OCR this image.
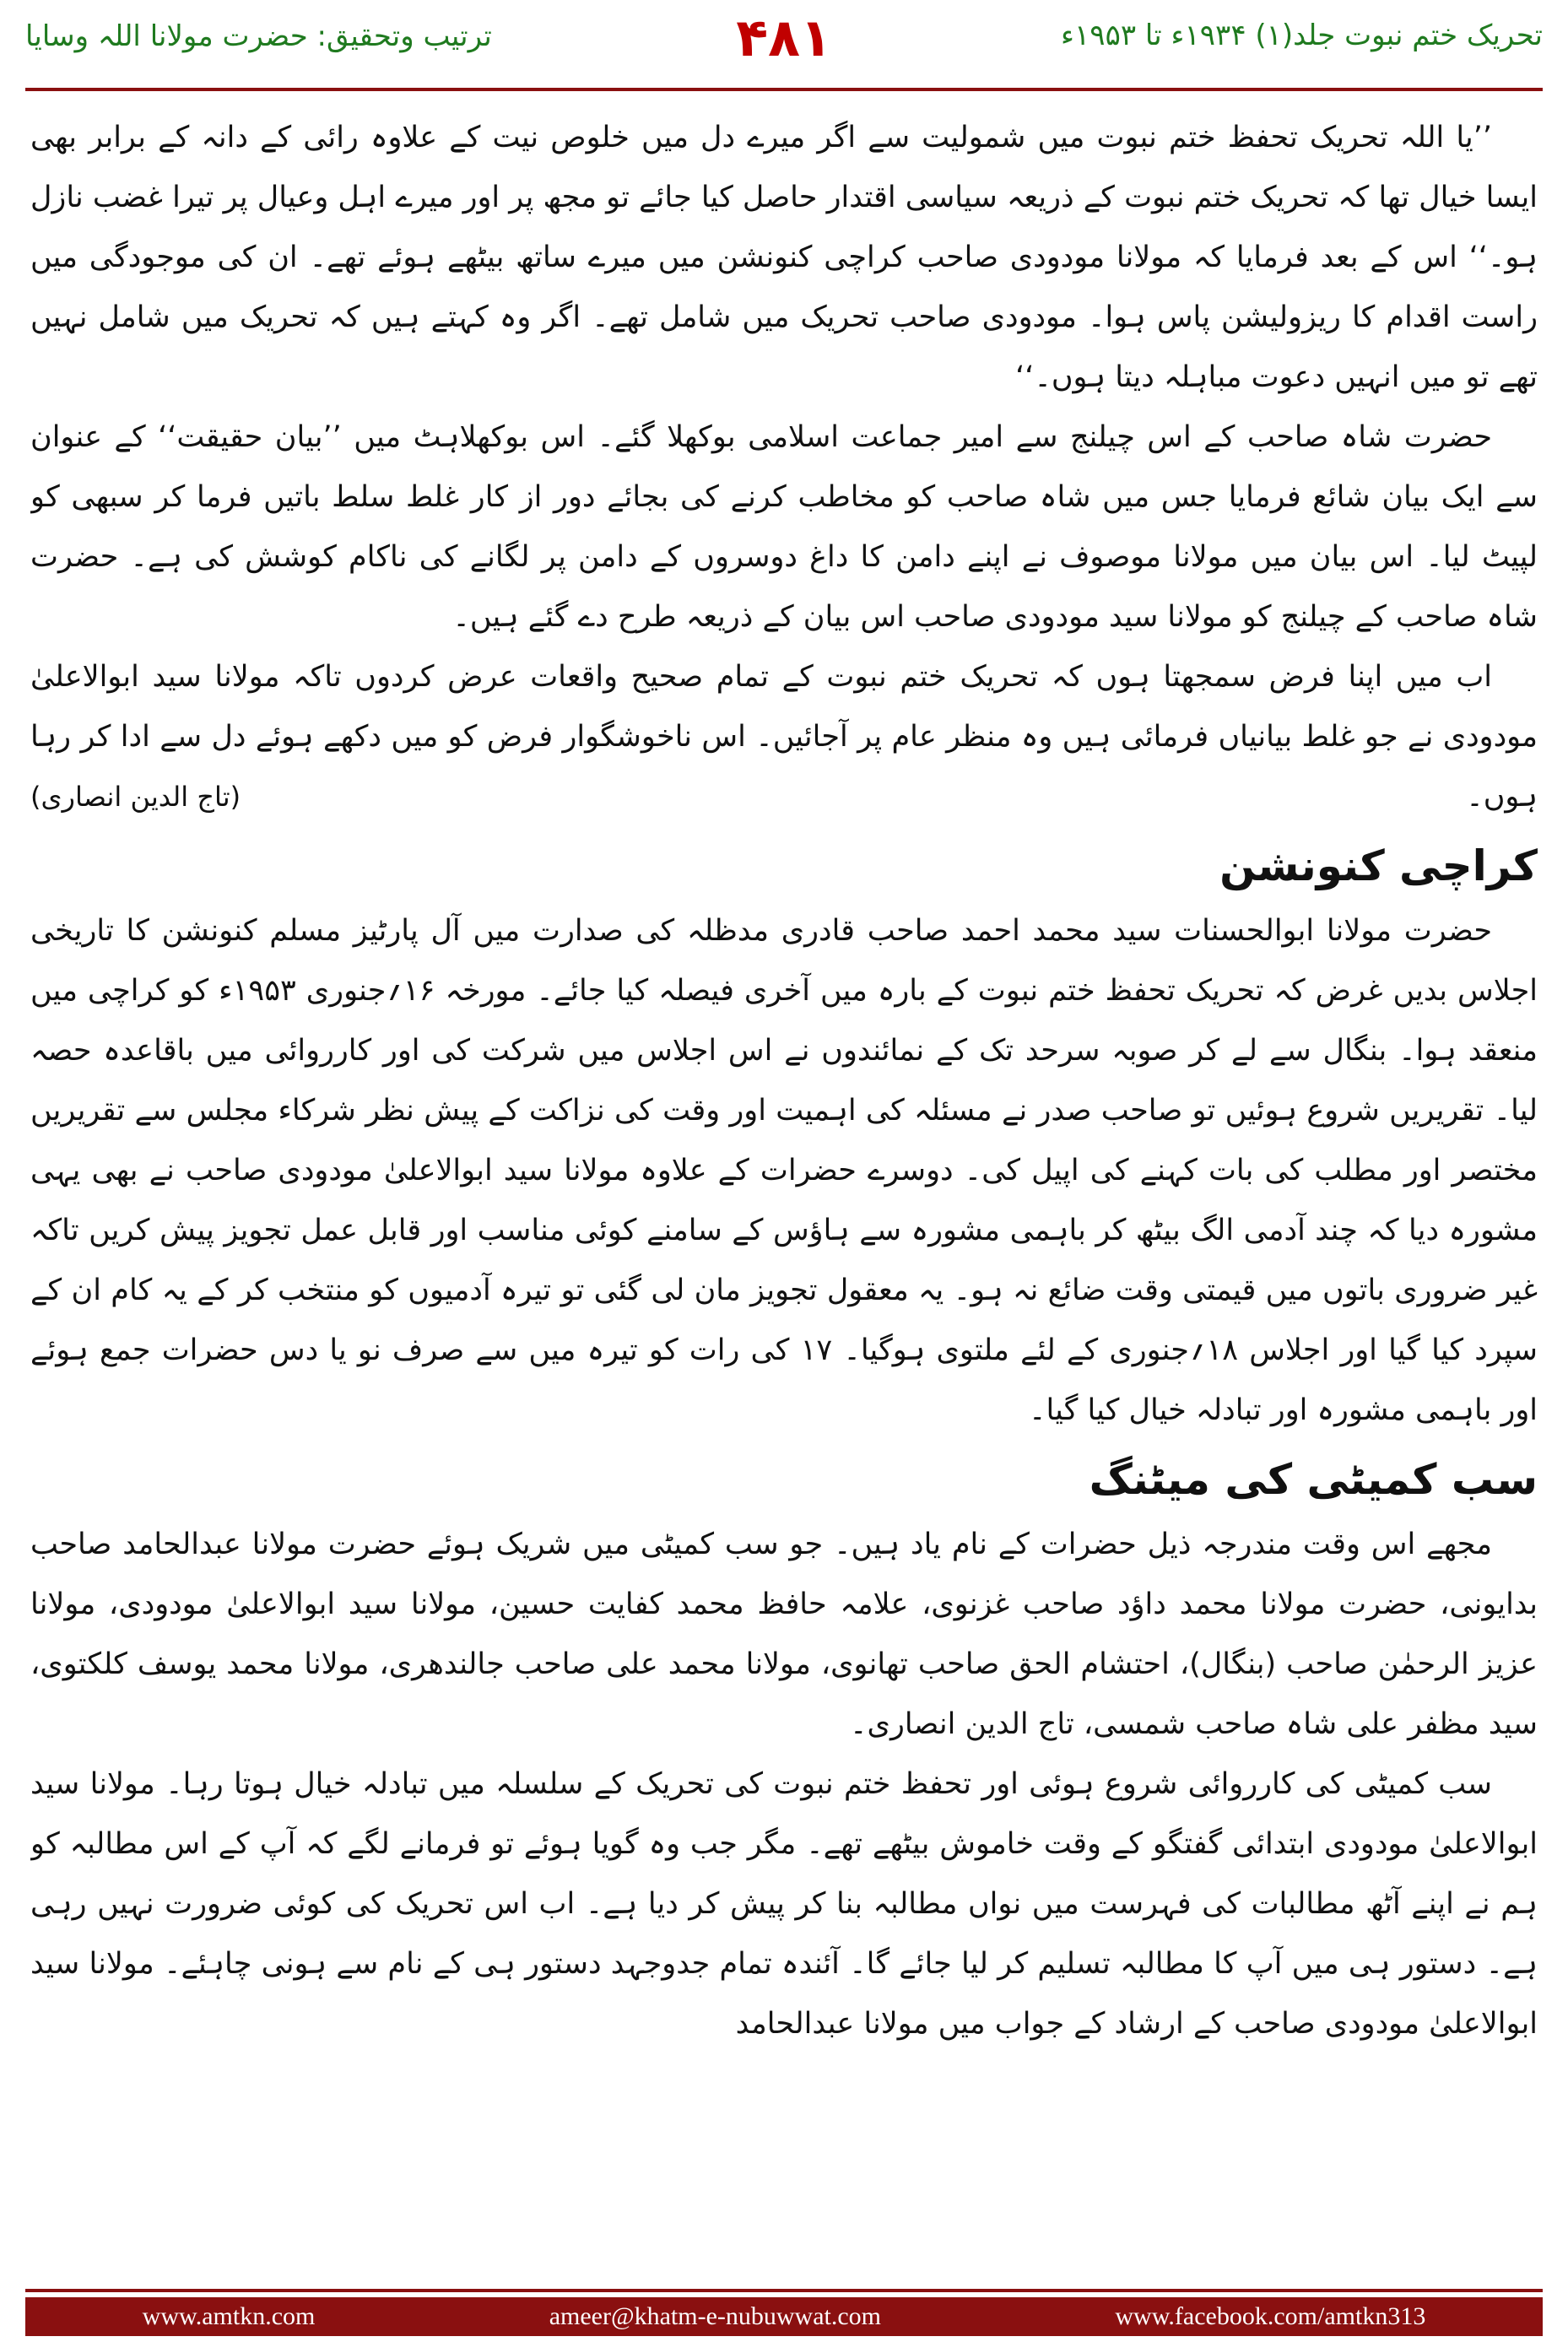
تحریک ختم نبوت جلد(۱) ۱۹۳۴ء تا ۱۹۵۳ء
۴۸۱
ترتیب وتحقیق: حضرت مولانا اللہ وسایا

’’یا اللہ تحریک تحفظ ختم نبوت میں شمولیت سے اگر میرے دل میں خلوص نیت کے علاوہ رائی کے دانہ کے برابر بھی ایسا خیال تھا کہ تحریک ختم نبوت کے ذریعہ سیاسی اقتدار حاصل کیا جائے تو مجھ پر اور میرے اہل وعیال پر تیرا غضب نازل ہو۔‘‘ اس کے بعد فرمایا کہ مولانا مودودی صاحب کراچی کنونشن میں میرے ساتھ بیٹھے ہوئے تھے۔ ان کی موجودگی میں راست اقدام کا ریزولیشن پاس ہوا۔ مودودی صاحب تحریک میں شامل تھے۔ اگر وہ کہتے ہیں کہ تحریک میں شامل نہیں تھے تو میں انہیں دعوت مباہلہ دیتا ہوں۔‘‘

حضرت شاہ صاحب کے اس چیلنج سے امیر جماعت اسلامی بوکھلا گئے۔ اس بوکھلاہٹ میں ’’بیان حقیقت‘‘ کے عنوان سے ایک بیان شائع فرمایا جس میں شاہ صاحب کو مخاطب کرنے کی بجائے دور از کار غلط سلط باتیں فرما کر سبھی کو لپیٹ لیا۔ اس بیان میں مولانا موصوف نے اپنے دامن کا داغ دوسروں کے دامن پر لگانے کی ناکام کوشش کی ہے۔ حضرت شاہ صاحب کے چیلنج کو مولانا سید مودودی صاحب اس بیان کے ذریعہ طرح دے گئے ہیں۔

اب میں اپنا فرض سمجھتا ہوں کہ تحریک ختم نبوت کے تمام صحیح واقعات عرض کردوں تاکہ مولانا سید ابوالاعلیٰ مودودی نے جو غلط بیانیاں فرمائی ہیں وہ منظر عام پر آجائیں۔ اس ناخوشگوار فرض کو میں دکھے ہوئے دل سے ادا کر رہا ہوں۔
(تاج الدین انصاری)

کراچی کنونشن

حضرت مولانا ابوالحسنات سید محمد احمد صاحب قادری مدظلہ کی صدارت میں آل پارٹیز مسلم کنونشن کا تاریخی اجلاس بدیں غرض کہ تحریک تحفظ ختم نبوت کے بارہ میں آخری فیصلہ کیا جائے۔ مورخہ ۱۶؍جنوری ۱۹۵۳ء کو کراچی میں منعقد ہوا۔ بنگال سے لے کر صوبہ سرحد تک کے نمائندوں نے اس اجلاس میں شرکت کی اور کارروائی میں باقاعدہ حصہ لیا۔ تقریریں شروع ہوئیں تو صاحب صدر نے مسئلہ کی اہمیت اور وقت کی نزاکت کے پیش نظر شرکاء مجلس سے تقریریں مختصر اور مطلب کی بات کہنے کی اپیل کی۔ دوسرے حضرات کے علاوہ مولانا سید ابوالاعلیٰ مودودی صاحب نے بھی یہی مشورہ دیا کہ چند آدمی الگ بیٹھ کر باہمی مشورہ سے ہاؤس کے سامنے کوئی مناسب اور قابل عمل تجویز پیش کریں تاکہ غیر ضروری باتوں میں قیمتی وقت ضائع نہ ہو۔ یہ معقول تجویز مان لی گئی تو تیرہ آدمیوں کو منتخب کر کے یہ کام ان کے سپرد کیا گیا اور اجلاس ۱۸؍جنوری کے لئے ملتوی ہوگیا۔ ۱۷ کی رات کو تیرہ میں سے صرف نو یا دس حضرات جمع ہوئے اور باہمی مشورہ اور تبادلہ خیال کیا گیا۔

سب کمیٹی کی میٹنگ

مجھے اس وقت مندرجہ ذیل حضرات کے نام یاد ہیں۔ جو سب کمیٹی میں شریک ہوئے حضرت مولانا عبدالحامد صاحب بدایونی، حضرت مولانا محمد داؤد صاحب غزنوی، علامہ حافظ محمد کفایت حسین، مولانا سید ابوالاعلیٰ مودودی، مولانا عزیز الرحمٰن صاحب (بنگال)، احتشام الحق صاحب تھانوی، مولانا محمد علی صاحب جالندھری، مولانا محمد یوسف کلکتوی، سید مظفر علی شاہ صاحب شمسی، تاج الدین انصاری۔

سب کمیٹی کی کارروائی شروع ہوئی اور تحفظ ختم نبوت کی تحریک کے سلسلہ میں تبادلہ خیال ہوتا رہا۔ مولانا سید ابوالاعلیٰ مودودی ابتدائی گفتگو کے وقت خاموش بیٹھے تھے۔ مگر جب وہ گویا ہوئے تو فرمانے لگے کہ آپ کے اس مطالبہ کو ہم نے اپنے آٹھ مطالبات کی فہرست میں نواں مطالبہ بنا کر پیش کر دیا ہے۔ اب اس تحریک کی کوئی ضرورت نہیں رہی ہے۔ دستور ہی میں آپ کا مطالبہ تسلیم کر لیا جائے گا۔ آئندہ تمام جدوجہد دستور ہی کے نام سے ہونی چاہئے۔ مولانا سید ابوالاعلیٰ مودودی صاحب کے ارشاد کے جواب میں مولانا عبدالحامد

www.amtkn.com	ameer@khatm-e-nubuwwat.com	www.facebook.com/amtkn313
